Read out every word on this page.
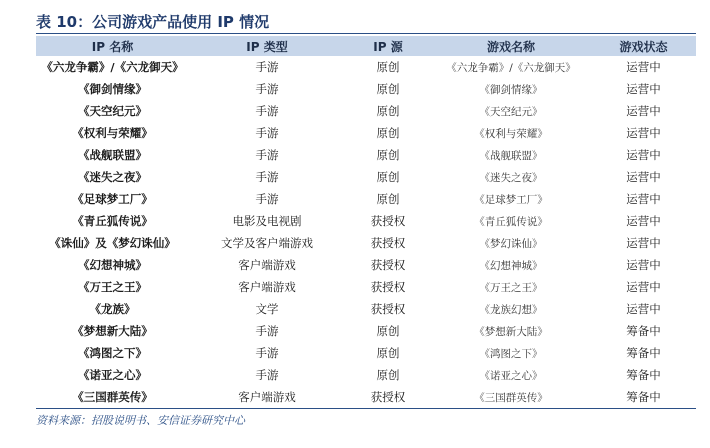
表 10：公司游戏产品使用 IP 情况
IP 名称	IP 类型	IP 源	游戏名称	游戏状态
《六龙争霸》/《六龙御天》	手游	原创	《六龙争霸》/《六龙御天》	运营中
《御剑情缘》	手游	原创	《御剑情缘》	运营中
《天空纪元》	手游	原创	《天空纪元》	运营中
《权利与荣耀》	手游	原创	《权利与荣耀》	运营中
《战舰联盟》	手游	原创	《战舰联盟》	运营中
《迷失之夜》	手游	原创	《迷失之夜》	运营中
《足球梦工厂》	手游	原创	《足球梦工厂》	运营中
《青丘狐传说》	电影及电视剧	获授权	《青丘狐传说》	运营中
《诛仙》及《梦幻诛仙》	文学及客户端游戏	获授权	《梦幻诛仙》	运营中
《幻想神城》	客户端游戏	获授权	《幻想神城》	运营中
《万王之王》	客户端游戏	获授权	《万王之王》	运营中
《龙族》	文学	获授权	《龙族幻想》	运营中
《梦想新大陆》	手游	原创	《梦想新大陆》	筹备中
《鸿图之下》	手游	原创	《鸿图之下》	筹备中
《诺亚之心》	手游	原创	《诺亚之心》	筹备中
《三国群英传》	客户端游戏	获授权	《三国群英传》	筹备中
资料来源：招股说明书、安信证券研究中心
